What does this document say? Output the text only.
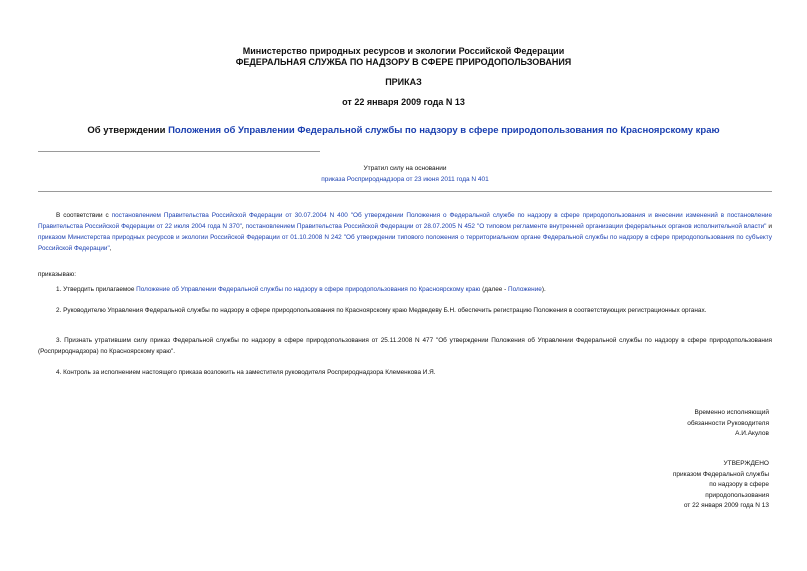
Министерство природных ресурсов и экологии Российской Федерации
ФЕДЕРАЛЬНАЯ СЛУЖБА ПО НАДЗОРУ В СФЕРЕ ПРИРОДОПОЛЬЗОВАНИЯ
ПРИКАЗ
от 22 января 2009 года N 13
Об утверждении Положения об Управлении Федеральной службы по надзору в сфере природопользования по Красноярскому краю
Утратил силу на основании
приказа Росприроднадзора от 23 июня 2011 года N 401
В соответствии с постановлением Правительства Российской Федерации от 30.07.2004 N 400 "Об утверждении Положения о Федеральной службе по надзору в сфере природопользования и внесении изменений в постановление Правительства Российской Федерации от 22 июля 2004 года N 370", постановлением Правительства Российской Федерации от 28.07.2005 N 452 "О типовом регламенте внутренней организации федеральных органов исполнительной власти" и приказом Министерства природных ресурсов и экологии Российской Федерации от 01.10.2008 N 242 "Об утверждении типового положения о территориальном органе Федеральной службы по надзору в сфере природопользования по субъекту Российской Федерации",
приказываю:
1. Утвердить прилагаемое Положение об Управлении Федеральной службы по надзору в сфере природопользования по Красноярскому краю (далее - Положение).
2. Руководителю Управления Федеральной службы по надзору в сфере природопользования по Красноярскому краю Медведеву Б.Н. обеспечить регистрацию Положения в соответствующих регистрационных органах.
3. Признать утратившим силу приказ Федеральной службы по надзору в сфере природопользования от 25.11.2008 N 477 "Об утверждении Положения об Управлении Федеральной службы по надзору в сфере природопользования (Росприроднадзора) по Красноярскому краю".
4. Контроль за исполнением настоящего приказа возложить на заместителя руководителя Росприроднадзора Клеменкова И.Я.
Временно исполняющий
обязанности Руководителя
А.И.Акулов
УТВЕРЖДЕНО
приказом Федеральной службы
по надзору в сфере
природопользования
от 22 января 2009 года N 13
